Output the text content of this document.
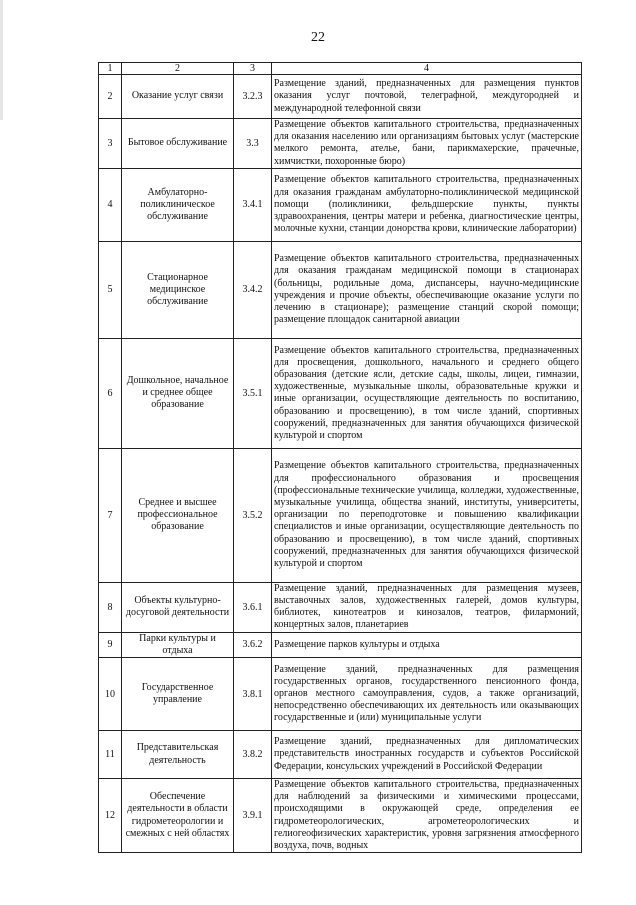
22
1	2	3	4
2	Оказание услуг связи	3.2.3	Размещение зданий, предназначенных для размещения пунктов оказания услуг почтовой, телеграфной, междугородней и международной телефонной связи
3	Бытовое обслуживание	3.3	Размещение объектов капитального строительства, предназначенных для оказания населению или организациям бытовых услуг (мастерские мелкого ремонта, ателье, бани, парикмахерские, прачечные, химчистки, похоронные бюро)
4	Амбулаторно-поликлиническое обслуживание	3.4.1	Размещение объектов капитального строительства, предназначенных для оказания гражданам амбулаторно-поликлинической медицинской помощи (поликлиники, фельдшерские пункты, пункты здравоохранения, центры матери и ребенка, диагностические центры, молочные кухни, станции донорства крови, клинические лаборатории)
5	Стационарное медицинское обслуживание	3.4.2	Размещение объектов капитального строительства, предназначенных для оказания гражданам медицинской помощи в стационарах (больницы, родильные дома, диспансеры, научно-медицинские учреждения и прочие объекты, обеспечивающие оказание услуги по лечению в стационаре); размещение станций скорой помощи; размещение площадок санитарной авиации
6	Дошкольное, начальное и среднее общее образование	3.5.1	Размещение объектов капитального строительства, предназначенных для просвещения, дошкольного, начального и среднего общего образования (детские ясли, детские сады, школы, лицеи, гимназии, художественные, музыкальные школы, образовательные кружки и иные организации, осуществляющие деятельность по воспитанию, образованию и просвещению), в том числе зданий, спортивных сооружений, предназначенных для занятия обучающихся физической культурой и спортом
7	Среднее и высшее профессиональное образование	3.5.2	Размещение объектов капитального строительства, предназначенных для профессионального образования и просвещения (профессиональные технические училища, колледжи, художественные, музыкальные училища, общества знаний, институты, университеты, организации по переподготовке и повышению квалификации специалистов и иные организации, осуществляющие деятельность по образованию и просвещению), в том числе зданий, спортивных сооружений, предназначенных для занятия обучающихся физической культурой и спортом
8	Объекты культурно-досуговой деятельности	3.6.1	Размещение зданий, предназначенных для размещения музеев, выставочных залов, художественных галерей, домов культуры, библиотек, кинотеатров и кинозалов, театров, филармоний, концертных залов, планетариев
9	Парки культуры и отдыха	3.6.2	Размещение парков культуры и отдыха
10	Государственное управление	3.8.1	Размещение зданий, предназначенных для размещения государственных органов, государственного пенсионного фонда, органов местного самоуправления, судов, а также организаций, непосредственно обеспечивающих их деятельность или оказывающих государственные и (или) муниципальные услуги
11	Представительская деятельность	3.8.2	Размещение зданий, предназначенных для дипломатических представительств иностранных государств и субъектов Российской Федерации, консульских учреждений в Российской Федерации
12	Обеспечение деятельности в области гидрометеорологии и смежных с ней областях	3.9.1	Размещение объектов капитального строительства, предназначенных для наблюдений за физическими и химическими процессами, происходящими в окружающей среде, определения ее гидрометеорологических, агрометеорологических и гелиогеофизических характеристик, уровня загрязнения атмосферного воздуха, почв, водных
